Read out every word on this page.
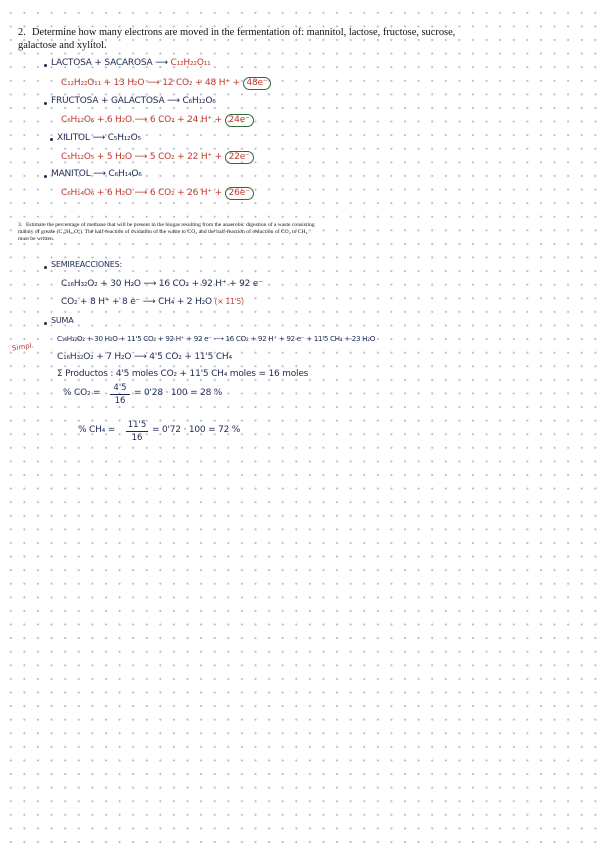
2. Determine how many electrons are moved in the fermentation of: mannitol, lactose, fructose, sucrose, galactose and xylitol.
LACTOSA + SACAROSA ⟶ C₁₂H₂₂O₁₁
C₁₂H₂₂O₁₁ + 13 H₂O ⟶ 12 CO₂ + 48 H⁺ + 48e⁻
FRUCTOSA + GALACTOSA ⟶ C₆H₁₂O₆
C₆H₁₂O₆ + 6 H₂O ⟶ 6 CO₂ + 24 H⁺ + 24e⁻
XILITOL ⟶ C₅H₁₂O₅
C₅H₁₂O₅ + 5 H₂O ⟶ 5 CO₂ + 22 H⁺ + 22e⁻
MANITOL ⟶ C₆H₁₄O₆
C₆H₁₄O₆ + 6 H₂O ⟶ 6 CO₂ + 26 H⁺ + 26e⁻
3. Estimate the percentage of methane that will be present in the biogas resulting from the anaerobic digestion of a waste consisting mainly of grease (C₁₆H₃₂O₂). The half-reaction of oxidation of the waste to CO₂ and the half-reaction of reduction of CO₂ to CH₄ must be written.
SEMIREACCIONES:
C₁₆H₃₂O₂ + 30 H₂O ⟶ 16 CO₂ + 92 H⁺ + 92 e⁻
CO₂ + 8 H⁺ + 8 e⁻ ⟶ CH₄ + 2 H₂O (× 11'5)
SUMA
Simpl.
C₁₆H₃₂O₂ + 30 H₂O + 11'5 CO₂ + 92 H⁺ + 92 e⁻ ⟶ 16 CO₂ + 92 H⁺ + 92 e⁻ + 11'5 CH₄ + 23 H₂O
C₁₆H₃₂O₂ + 7 H₂O ⟶ 4'5 CO₂ + 11'5 CH₄
Σ Productos : 4'5 moles CO₂ + 11'5 CH₄ moles = 16 moles
% CO₂ =	4'5
16
= 0'28 · 100 = 28 %
% CH₄ = 11'5
16
= 0'72 · 100 = 72 %
